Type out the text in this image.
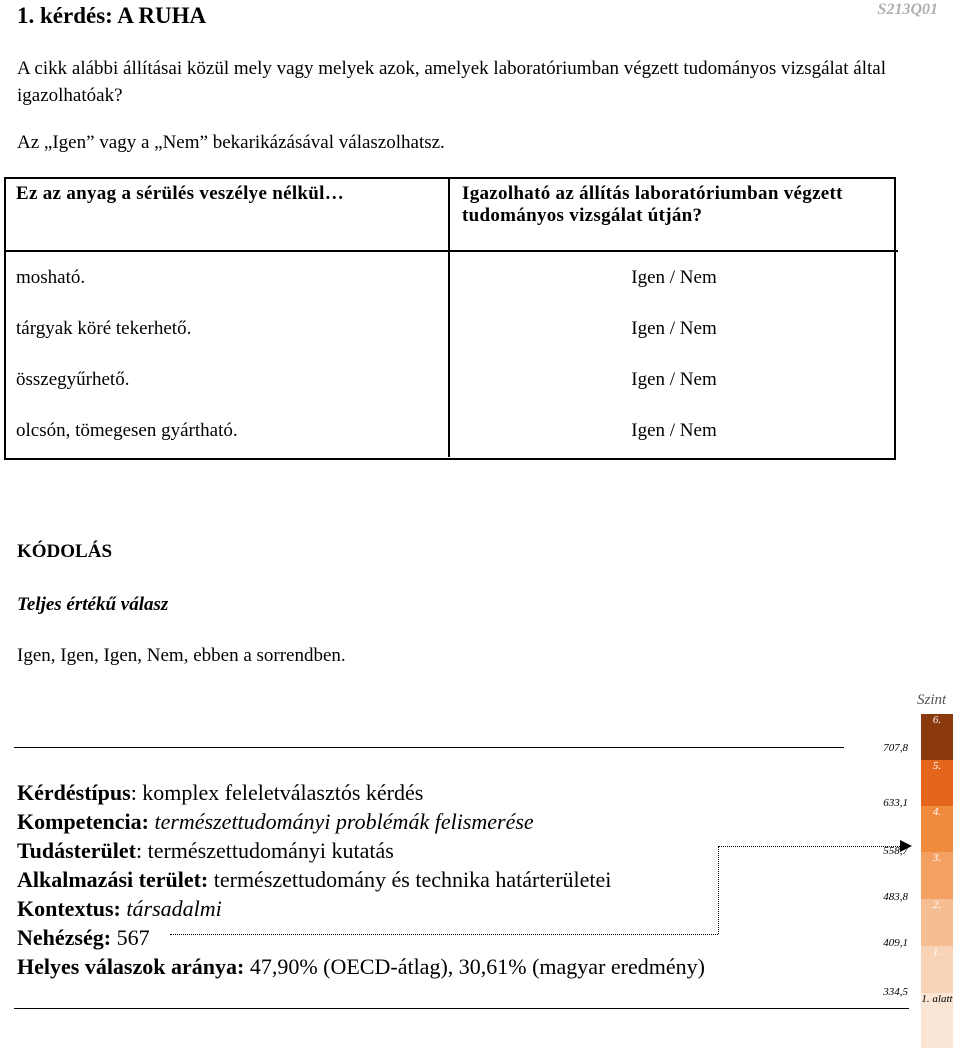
1. kérdés: A RUHA	S213Q01
A cikk alábbi állításai közül mely vagy melyek azok, amelyek laboratóriumban végzett tudományos vizsgálat által igazolhatóak?
Az „Igen” vagy a „Nem” bekarikázásával válaszolhatsz.
Ez az anyag a sérülés veszélye nélkül…	Igazolható az állítás laboratóriumban végzett tudományos vizsgálat útján?
mosható.	Igen / Nem
tárgyak köré tekerhető.	Igen / Nem
összegyűrhető.	Igen / Nem
olcsón, tömegesen gyártható.	Igen / Nem
KÓDOLÁS
Teljes értékű válasz
Igen, Igen, Igen, Nem, ebben a sorrendben.
Kérdéstípus: komplex feleletválasztós kérdés
Kompetencia: természettudományi problémák felismerése
Tudásterület: természettudományi kutatás
Alkalmazási terület: természettudomány és technika határterületei
Kontextus: társadalmi
Nehézség: 567
Helyes válaszok aránya: 47,90% (OECD-átlag), 30,61% (magyar eredmény)
Szint
6.
5.
4.
3.
2.
1.
1. alatt
707,8
633,1
558,7
483,8
409,1
334,5
